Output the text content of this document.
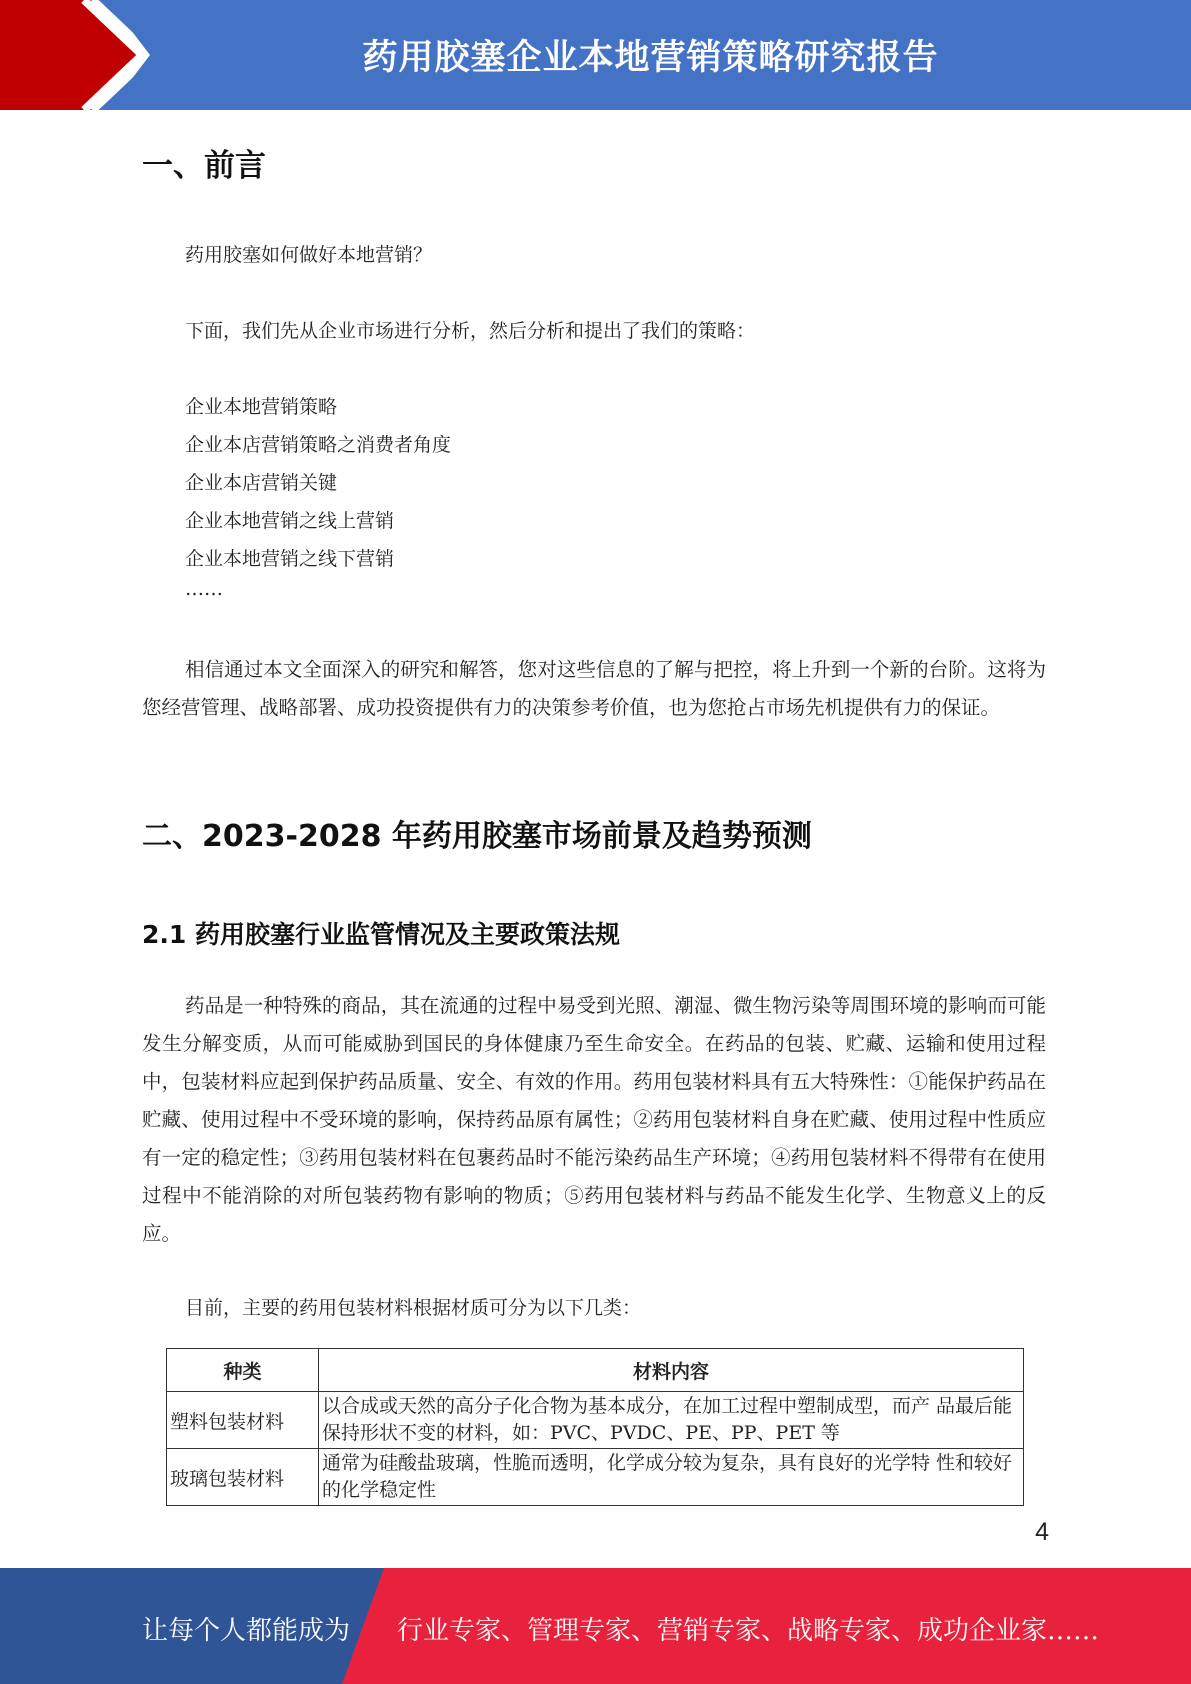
药用胶塞企业本地营销策略研究报告
一、前言
药用胶塞如何做好本地营销？
下面，我们先从企业市场进行分析，然后分析和提出了我们的策略：
企业本地营销策略
企业本店营销策略之消费者角度
企业本店营销关键
企业本地营销之线上营销
企业本地营销之线下营销
……
相信通过本文全面深入的研究和解答，您对这些信息的了解与把控，将上升到一个新的台阶。这将为您经营管理、战略部署、成功投资提供有力的决策参考价值，也为您抢占市场先机提供有力的保证。
二、2023-2028 年药用胶塞市场前景及趋势预测
2.1 药用胶塞行业监管情况及主要政策法规
药品是一种特殊的商品，其在流通的过程中易受到光照、潮湿、微生物污染等周围环境的影响而可能发生分解变质，从而可能威胁到国民的身体健康乃至生命安全。在药品的包装、贮藏、运输和使用过程中，包装材料应起到保护药品质量、安全、有效的作用。药用包装材料具有五大特殊性：①能保护药品在贮藏、使用过程中不受环境的影响，保持药品原有属性；②药用包装材料自身在贮藏、使用过程中性质应有一定的稳定性；③药用包装材料在包裹药品时不能污染药品生产环境；④药用包装材料不得带有在使用过程中不能消除的对所包装药物有影响的物质；⑤药用包装材料与药品不能发生化学、生物意义上的反应。
目前，主要的药用包装材料根据材质可分为以下几类：
种类	材料内容
塑料包装材料	以合成或天然的高分子化合物为基本成分，在加工过程中塑制成型，而产 品最后能保持形状不变的材料，如：PVC、PVDC、PE、PP、PET 等
玻璃包装材料	通常为硅酸盐玻璃，性脆而透明，化学成分较为复杂，具有良好的光学特 性和较好的化学稳定性
4
让每个人都能成为 行业专家、管理专家、营销专家、战略专家、成功企业家……
